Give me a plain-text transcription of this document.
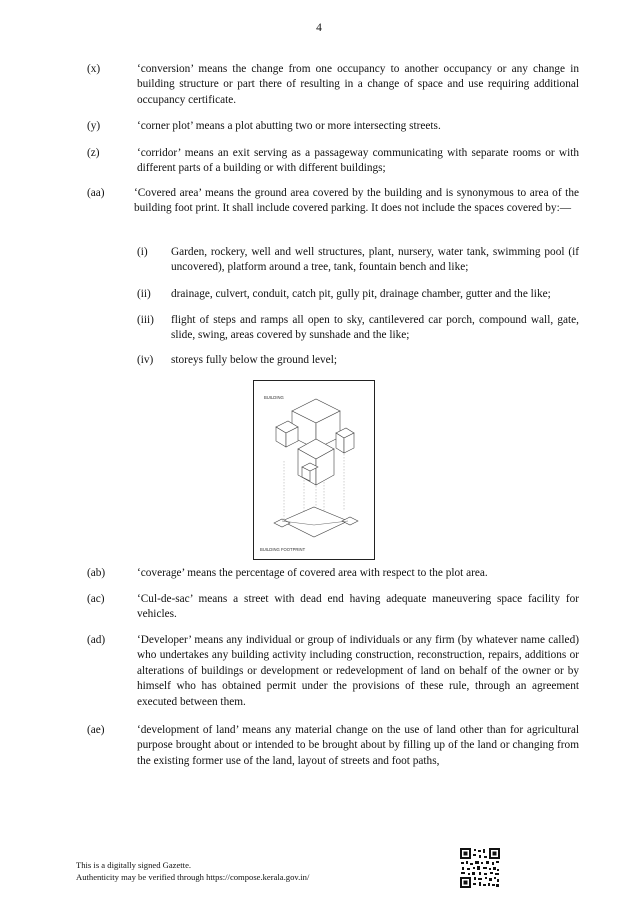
4
(x)	‘conversion’ means the change from one occupancy to another occupancy or any change in building structure or part there of resulting in a change of space and use requiring additional occupancy certificate.
(y)	‘corner plot’ means a plot abutting two or more intersecting streets.
(z)	‘corridor’ means an exit serving as a passageway communicating with separate rooms or with different parts of a building or with different buildings;
(aa)	‘Covered area’ means the ground area covered by the building and is synonymous to area of the building foot print. It shall include covered parking. It does not include the spaces covered by:—
(i)	Garden, rockery, well and well structures, plant, nursery, water tank, swimming pool (if uncovered), platform around a tree, tank, fountain bench and like;
(ii)	drainage, culvert, conduit, catch pit, gully pit, drainage chamber, gutter and the like;
(iii)	flight of steps and ramps all open to sky, cantilevered car porch, compound wall, gate, slide, swing, areas covered by sunshade and the like;
(iv)	storeys fully below the ground level;
BUILDING
BUILDING FOOTPRINT
(ab)	‘coverage’ means the percentage of covered area with respect to the plot area.
(ac)	‘Cul-de-sac’ means a street with dead end having adequate maneuvering space facility for vehicles.
(ad)	‘Developer’ means any individual or group of individuals or any firm (by whatever name called) who undertakes any building activity including construction, reconstruction, repairs, additions or alterations of buildings or development or redevelopment of land on behalf of the owner or by himself who has obtained permit under the provisions of these rule, through an agreement executed between them.
(ae)	‘development of land’ means any material change on the use of land other than for agricultural purpose brought about or intended to be brought about by filling up of the land or changing from the existing former use of the land, layout of streets and foot paths,
This is a digitally signed Gazette.
Authenticity may be verified through https://compose.kerala.gov.in/
